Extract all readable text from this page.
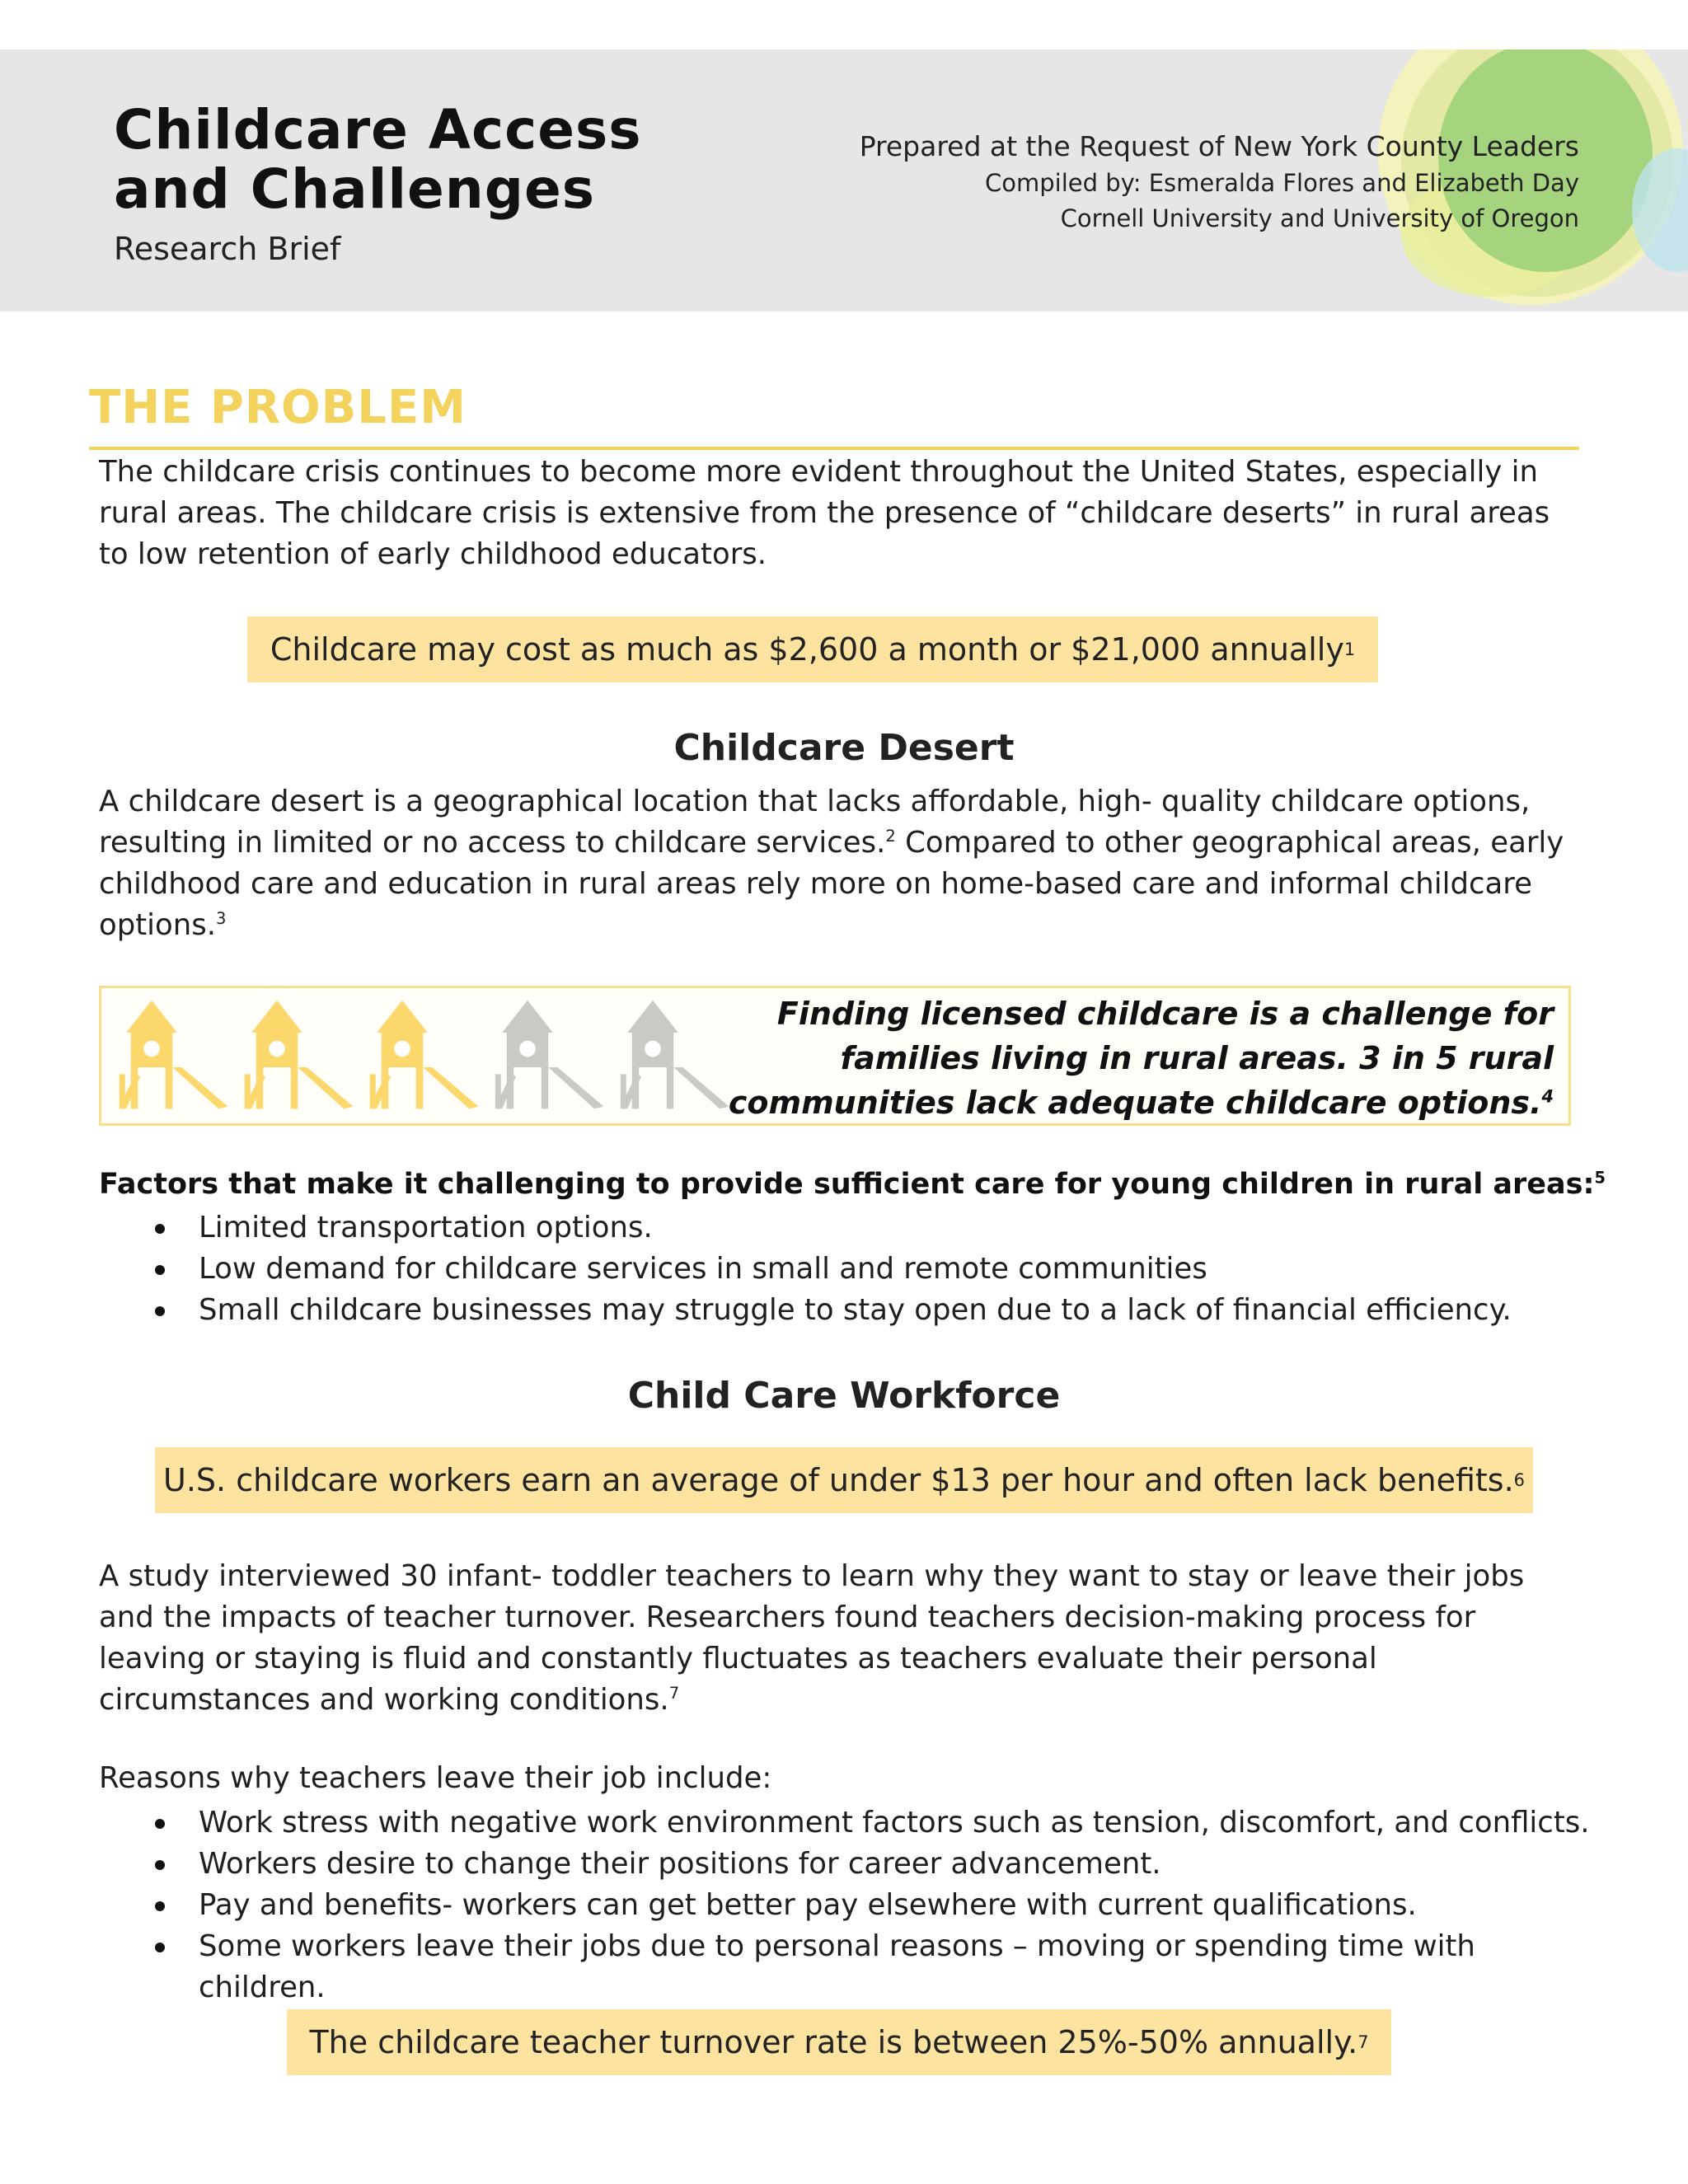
Childcare Access
and Challenges
Research Brief
Prepared at the Request of New York County Leaders
Compiled by: Esmeralda Flores and Elizabeth Day
Cornell University and University of Oregon
THE PROBLEM

The childcare crisis continues to become more evident throughout the United States, especially in rural areas. The childcare crisis is extensive from the presence of “childcare deserts” in rural areas to low retention of early childhood educators.

Childcare may cost as much as $2,600 a month or $21,000 annually 1
Childcare Desert

A childcare desert is a geographical location that lacks affordable, high- quality childcare options, resulting in limited or no access to childcare services.$^2$ Compared to other geographical areas, early childhood care and education in rural areas rely more on home-based care and informal childcare options.$^3$

Finding licensed childcare is a challenge for families living in rural areas. 3 in 5 rural communities lack adequate childcare options.$^4$
Factors that make it challenging to provide sufficient care for young children in rural areas:$^5$
Limited transportation options.
Low demand for childcare services in small and remote communities
Small childcare businesses may struggle to stay open due to a lack of financial efficiency.
Child Care Workforce
U.S. childcare workers earn an average of under $13 per hour and often lack benefits. 6

A study interviewed 30 infant- toddler teachers to learn why they want to stay or leave their jobs and the impacts of teacher turnover. Researchers found teachers decision-making process for leaving or staying is fluid and constantly fluctuates as teachers evaluate their personal circumstances and working conditions.$^7$

Reasons why teachers leave their job include:
Work stress with negative work environment factors such as tension, discomfort, and conflicts.
Workers desire to change their positions for career advancement.
Pay and benefits- workers can get better pay elsewhere with current qualifications.
Some workers leave their jobs due to personal reasons – moving or spending time with children.
The childcare teacher turnover rate is between 25%-50% annually. 7
